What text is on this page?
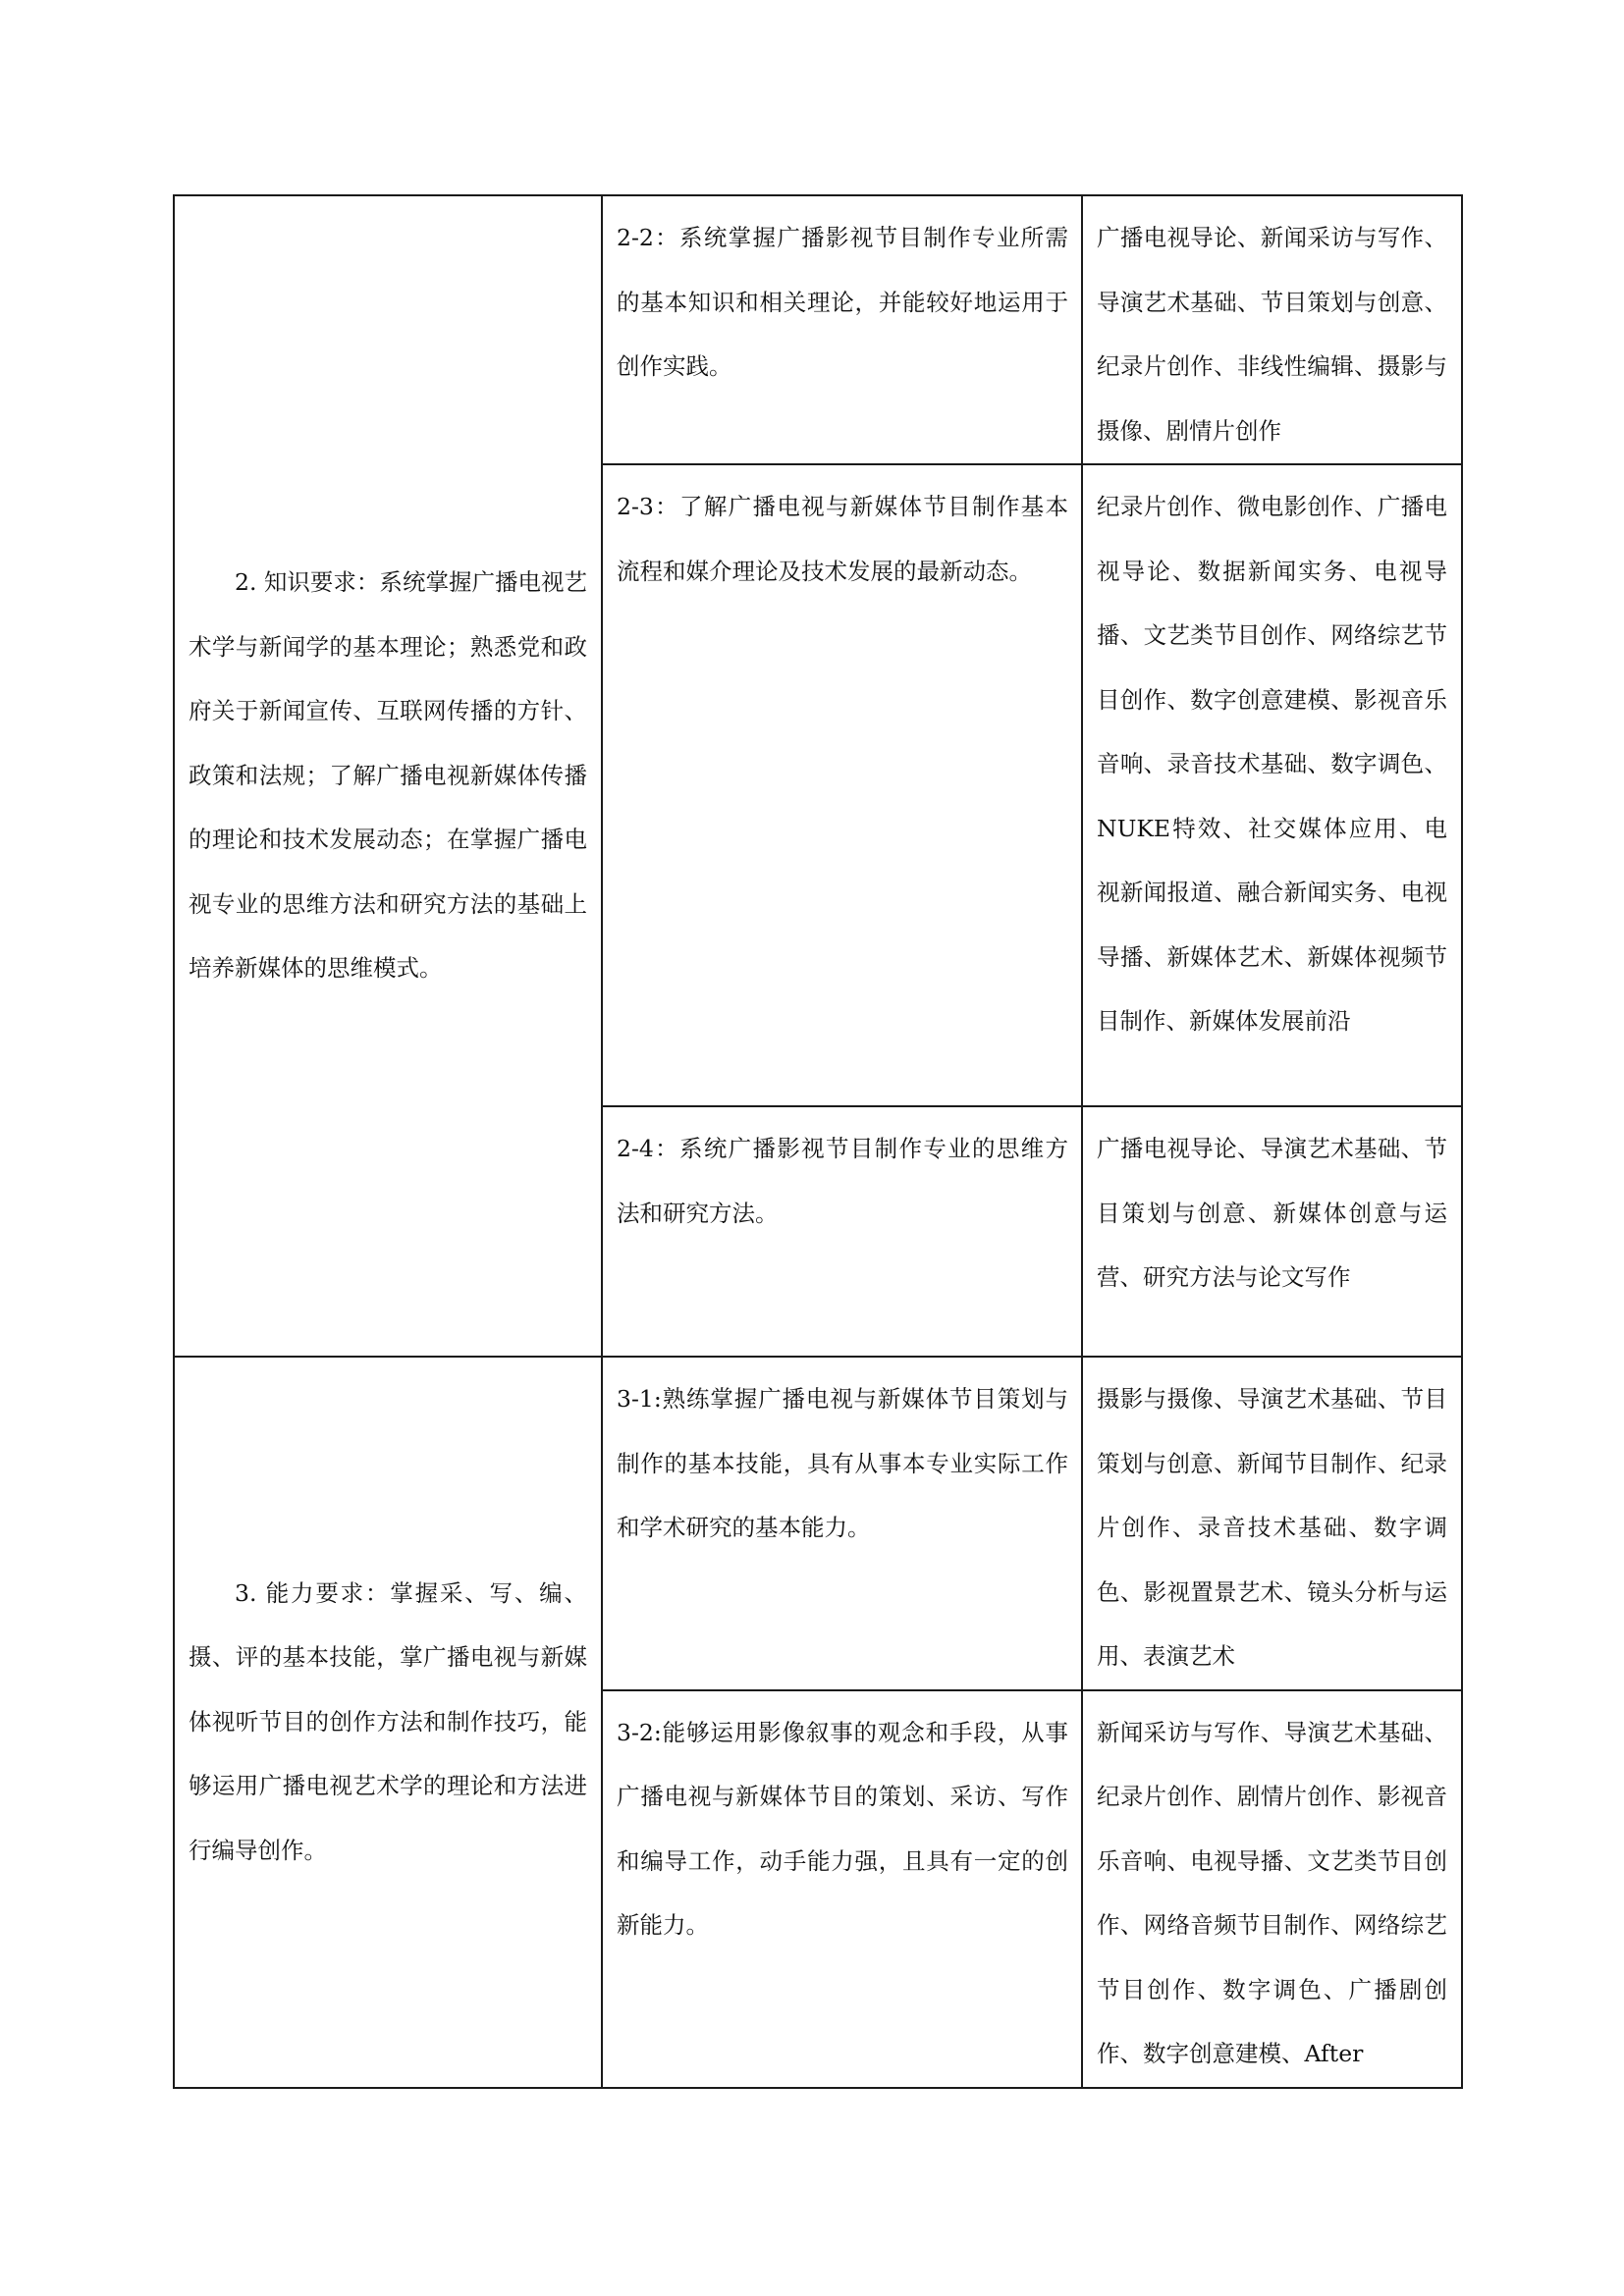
2. 知识要求：系统掌握广播电视艺术学与新闻学的基本理论；熟悉党和政府关于新闻宣传、互联网传播的方针、政策和法规；了解广播电视新媒体传播的理论和技术发展动态；在掌握广播电视专业的思维方法和研究方法的基础上培养新媒体的思维模式。	2-2：系统掌握广播影视节目制作专业所需的基本知识和相关理论，并能较好地运用于创作实践。	广播电视导论、新闻采访与写作、导演艺术基础、节目策划与创意、纪录片创作、非线性编辑、摄影与摄像、剧情片创作
	2-3：了解广播电视与新媒体节目制作基本流程和媒介理论及技术发展的最新动态。	纪录片创作、微电影创作、广播电视导论、数据新闻实务、电视导播、文艺类节目创作、网络综艺节目创作、数字创意建模、影视音乐音响、录音技术基础、数字调色、NUKE特效、社交媒体应用、电视新闻报道、融合新闻实务、电视导播、新媒体艺术、新媒体视频节目制作、新媒体发展前沿
	2-4：系统广播影视节目制作专业的思维方法和研究方法。	广播电视导论、导演艺术基础、节目策划与创意、新媒体创意与运营、研究方法与论文写作
3. 能力要求：掌握采、写、编、摄、评的基本技能，掌广播电视与新媒体视听节目的创作方法和制作技巧，能够运用广播电视艺术学的理论和方法进行编导创作。	3-1:熟练掌握广播电视与新媒体节目策划与制作的基本技能，具有从事本专业实际工作和学术研究的基本能力。	摄影与摄像、导演艺术基础、节目策划与创意、新闻节目制作、纪录片创作、录音技术基础、数字调色、影视置景艺术、镜头分析与运用、表演艺术
	3-2:能够运用影像叙事的观念和手段，从事广播电视与新媒体节目的策划、采访、写作和编导工作，动手能力强，且具有一定的创新能力。	新闻采访与写作、导演艺术基础、纪录片创作、剧情片创作、影视音乐音响、电视导播、文艺类节目创作、网络音频节目制作、网络综艺节目创作、数字调色、广播剧创作、数字创意建模、After
